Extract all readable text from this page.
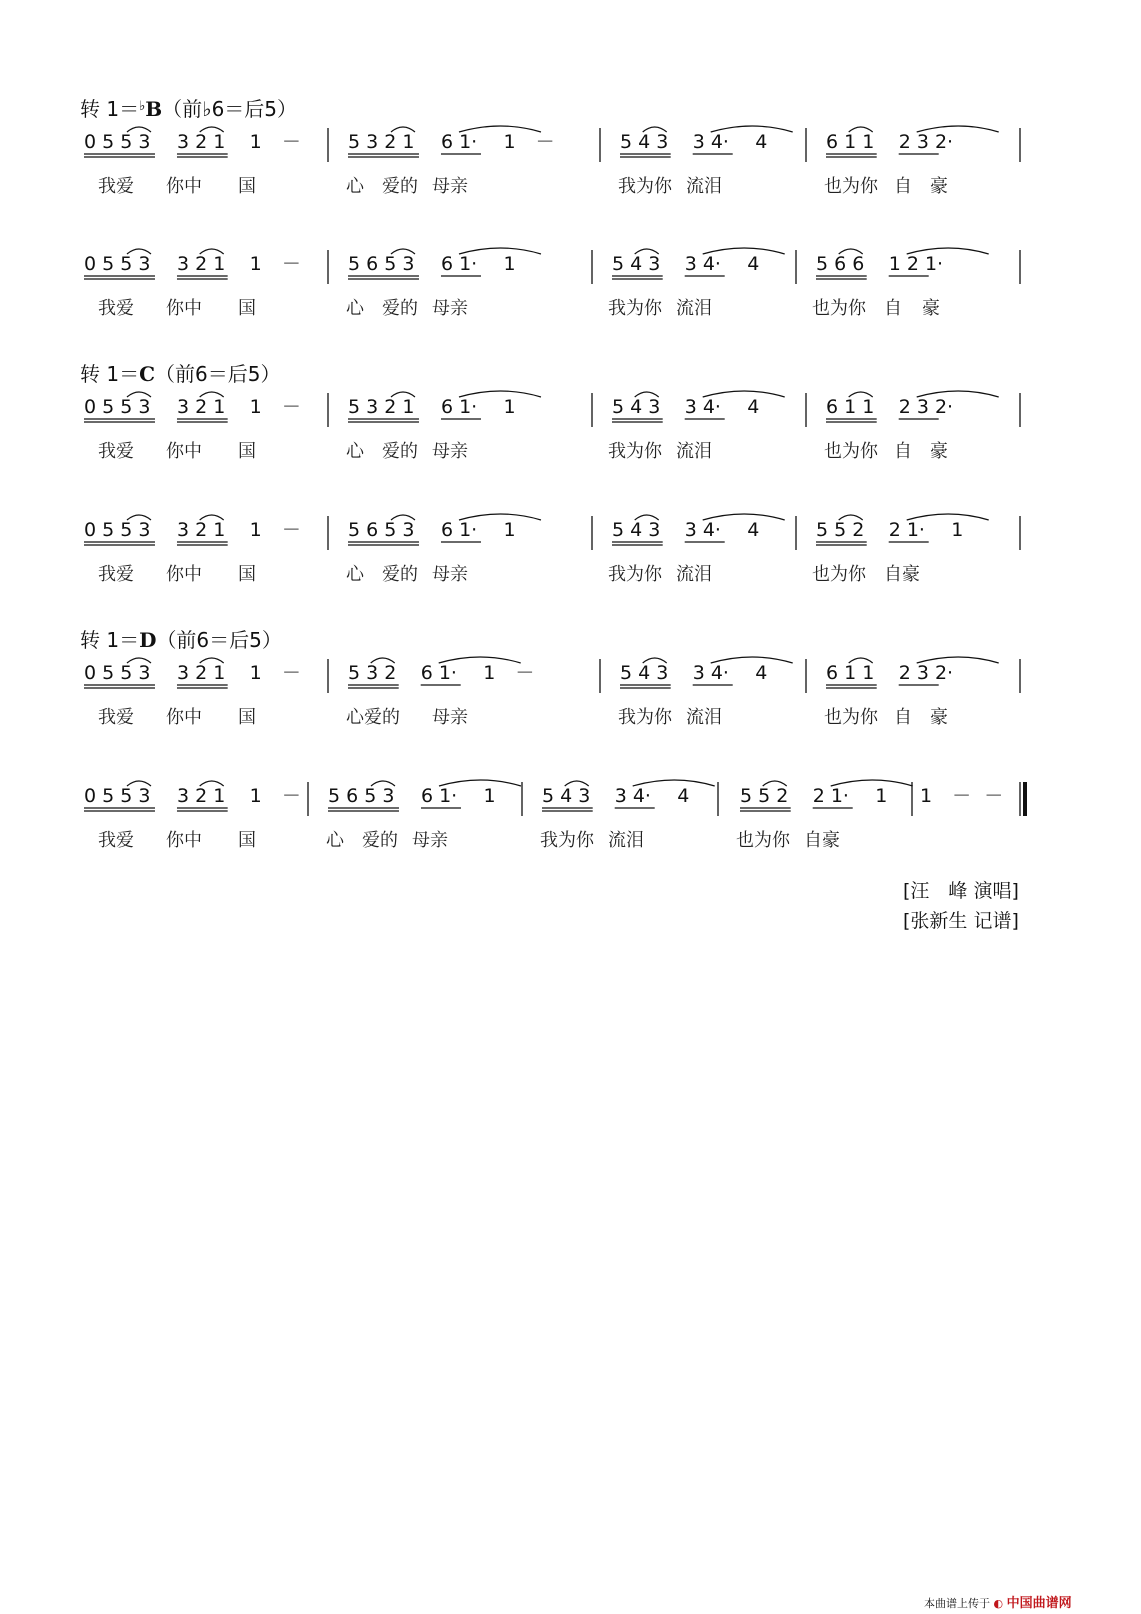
转 1＝♭B（前♭6＝后5）
转 1＝C（前6＝后5）
转 1＝D（前6＝后5）
0 5 5 3 3 2 1 1 － 5 3 2 1 6 1· 1 －	5 4 3 3 4· 4	6 1 1 2 3 2·
我爱 你中 国	心 爱的 母亲	我为你 流泪	也为你 自 豪
0 5 5 3 3 2 1 1 － 5 6 5 3 6 1· 1	5 4 3 3 4· 4	5 6 6 1 2 1·
我爱 你中 国	心 爱的 母亲	我为你 流泪	也为你 自 豪
0 5 5 3 3 2 1 1 － 5 3 2 1 6 1· 1	5 4 3 3 4· 4	6 1 1 2 3 2·
我爱 你中 国	心 爱的 母亲	我为你 流泪	也为你 自 豪
0 5 5 3 3 2 1 1 － 5 6 5 3 6 1· 1	5 4 3 3 4· 4	5 5 2 2 1· 1
我爱 你中 国	心 爱的 母亲	我为你 流泪	也为你 自豪
0 5 5 3 3 2 1 1 － 5 3 2 6 1· 1 －	5 4 3 3 4· 4	6 1 1 2 3 2·
我爱 你中 国	心爱的 母亲	我为你 流泪	也为你 自 豪
0 5 5 3 3 2 1 1 － 5 6 5 3 6 1· 1 5 4 3 3 4· 4	5 5 2 2 1· 1 1 － －
我爱 你中 国	心 爱的 母亲	我为你 流泪	也为你 自豪
[汪　峰 演唱]
[张新生 记谱]
本曲谱上传于 ◐ 中国曲谱网
